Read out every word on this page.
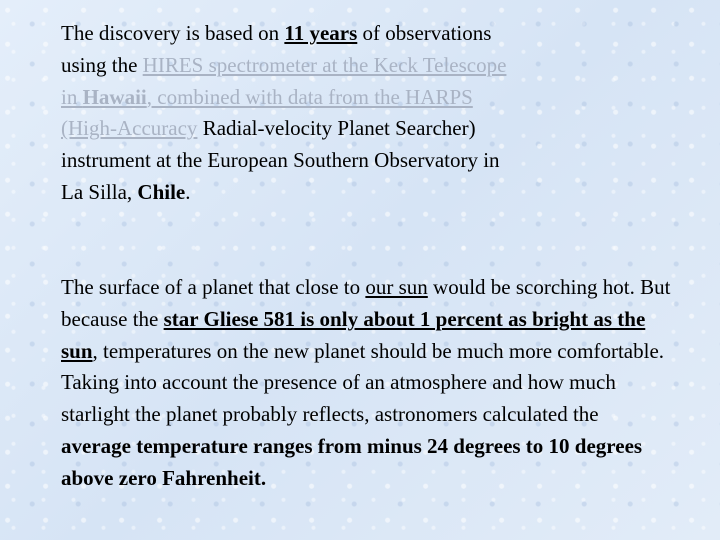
The discovery is based on 11 years of observations using the HIRES spectrometer at the Keck Telescope in Hawaii, combined with data from the HARPS (High-Accuracy Radial-velocity Planet Searcher) instrument at the European Southern Observatory in La Silla, Chile.

The surface of a planet that close to our sun would be scorching hot. But because the star Gliese 581 is only about 1 percent as bright as the sun, temperatures on the new planet should be much more comfortable. Taking into account the presence of an atmosphere and how much starlight the planet probably reflects, astronomers calculated the average temperature ranges from minus 24 degrees to 10 degrees above zero Fahrenheit.
